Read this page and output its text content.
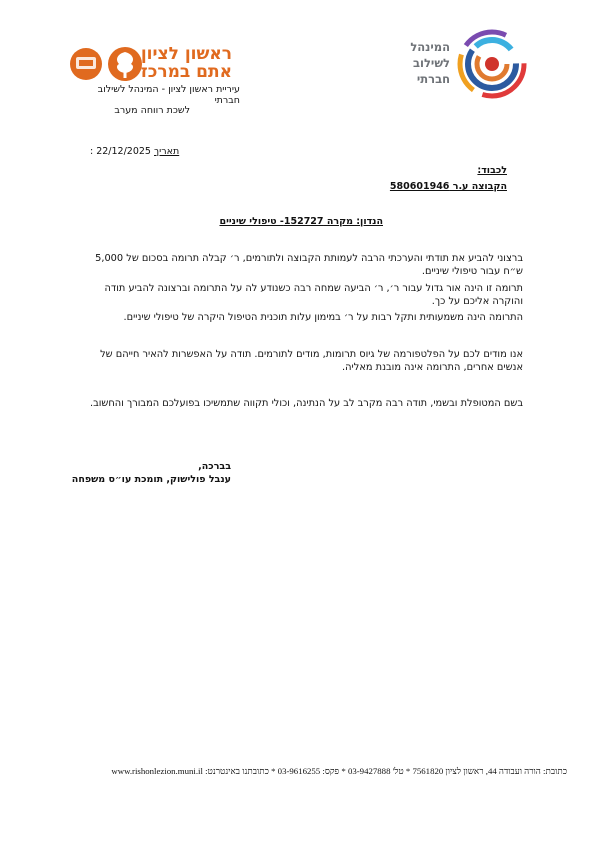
ראשון לציון
אתם במרכז
עיריית ראשון לציון - המינהל לשילוב חברתי
לשכת רווחה מערב
המינהל
לשילוב
חברתי
: 22/12/2025 תאריך
לכבוד:
הקבוצה ע.ר 580601946
הנדון: מקרה 152727- טיפולי שיניים
ברצוני להביע את תודתי והערכתי הרבה לעמותת הקבוצה ולתורמים, ר׳ קבלה תרומה בסכום של 5,000 ש״ח עבור טיפולי שיניים.
תרומה זו הינה אור גדול עבור ר׳, ר׳ הביעה שמחה רבה כשנודע לה על התרומה וברצונה להביע תודה והוקרה אליכם על כך.
התרומה הינה משמעותית ותקל רבות על ר׳ במימון עלות תוכנית הטיפול היקרה של טיפולי שיניים.
אנו מודים לכם על הפלטפורמה של גיוס תרומות, מודים לתורמים. תודה על האפשרות להאיר חייהם של אנשים אחרים, התרומה אינה מובנת מאליה.
בשם המטופלת ובשמי, תודה רבה מקרב לב על הנתינה, וכולי תקווה שתמשיכו בפועלכם המבורך והחשוב.
בברכה,
ענבל פולישוק, תומכת עו״ס משפחה
כתובת: הורה ועבודה 44, ראשון לציון 7561820 * טל' 03-9427888 * פקס: 03-9616255 * כתובתנו באינטרנט: www.rishonlezion.muni.il
